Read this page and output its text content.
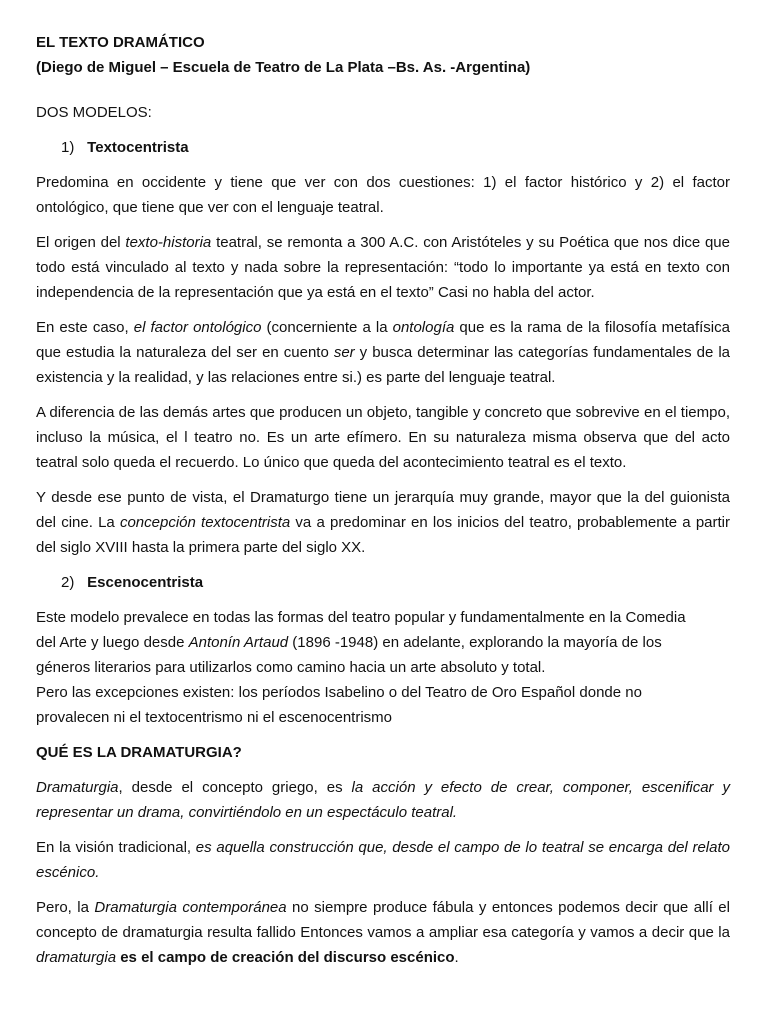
EL TEXTO DRAMÁTICO
(Diego de Miguel – Escuela de Teatro de La Plata –Bs. As. -Argentina)
DOS MODELOS:
1) Textocentrista

Predomina en occidente y tiene que ver con dos cuestiones: 1) el factor histórico y 2) el factor ontológico, que tiene que ver con el lenguaje teatral.

El origen del texto-historia teatral, se remonta a 300 A.C. con Aristóteles y su Poética que nos dice que todo está vinculado al texto y nada sobre la representación: “todo lo importante ya está en texto con independencia de la representación que ya está en el texto” Casi no habla del actor.

En este caso, el factor ontológico (concerniente a la ontología que es la rama de la filosofía metafísica que estudia la naturaleza del ser en cuento ser y busca determinar las categorías fundamentales de la existencia y la realidad, y las relaciones entre si.) es parte del lenguaje teatral.

A diferencia de las demás artes que producen un objeto, tangible y concreto que sobrevive en el tiempo, incluso la música, el l teatro no. Es un arte efímero. En su naturaleza misma observa que del acto teatral solo queda el recuerdo. Lo único que queda del acontecimiento teatral es el texto.

Y desde ese punto de vista, el Dramaturgo tiene un jerarquía muy grande, mayor que la del guionista del cine. La concepción textocentrista va a predominar en los inicios del teatro, probablemente a partir del siglo XVIII hasta la primera parte del siglo XX.

2) Escenocentrista
Este modelo prevalece en todas las formas del teatro popular y fundamentalmente en la Comedia
del Arte y luego desde Antonín Artaud (1896 -1948) en adelante, explorando la mayoría de los
géneros literarios para utilizarlos como camino hacia un arte absoluto y total.
Pero las excepciones existen: los períodos Isabelino o del Teatro de Oro Español donde no
provalecen ni el textocentrismo ni el escenocentrismo
QUÉ ES LA DRAMATURGIA?

Dramaturgia, desde el concepto griego, es la acción y efecto de crear, componer, escenificar y representar un drama, convirtiéndolo en un espectáculo teatral.

En la visión tradicional, es aquella construcción que, desde el campo de lo teatral se encarga del relato escénico.

Pero, la Dramaturgia contemporánea no siempre produce fábula y entonces podemos decir que allí el concepto de dramaturgia resulta fallido Entonces vamos a ampliar esa categoría y vamos a decir que la dramaturgia es el campo de creación del discurso escénico.
